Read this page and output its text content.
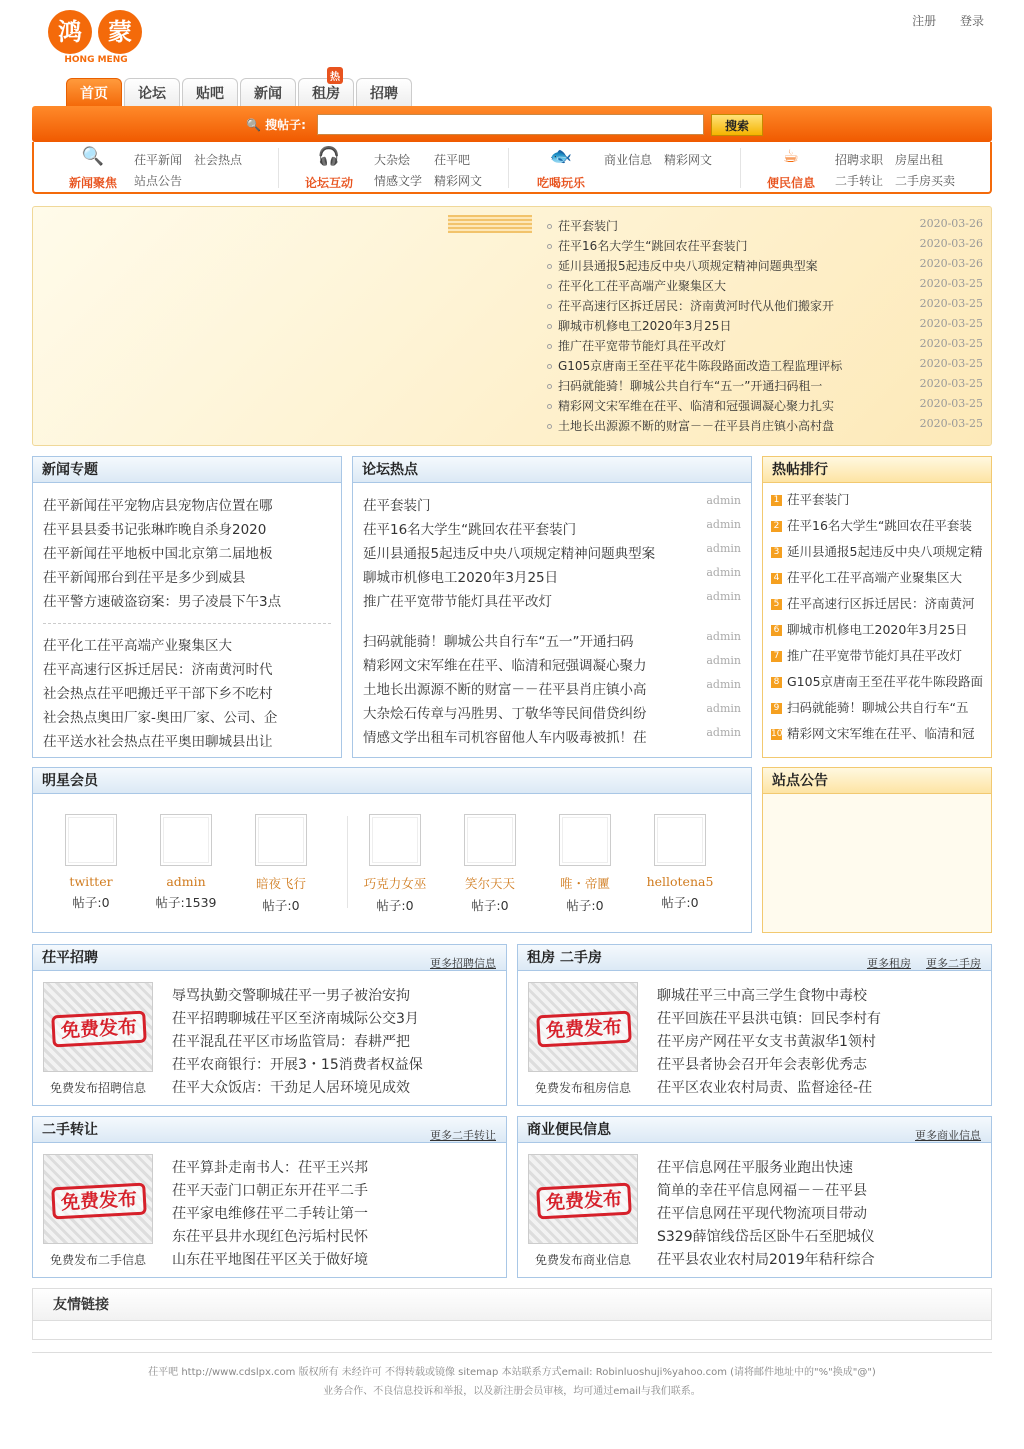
鸿 蒙
HONG MENG
注册 登录
首页	论坛	贴吧	新闻	租房
热
招聘
🔍 搜帖子:	搜索
🔍
新闻聚焦
茌平新闻 社会热点
站点公告
🎧
论坛互动
大杂烩 茌平吧
情感文学 精彩网文
🐟
吃喝玩乐
商业信息 精彩网文	☕
便民信息
招聘求职 房屋出租
二手转让 二手房买卖
茌平套装门	2020-03-26
茌平16名大学生“跳回农茌平套装门	2020-03-26
延川县通报5起违反中央八项规定精神问题典型案	2020-03-26
茌平化工茌平高端产业聚集区大	2020-03-25
茌平高速行区拆迁居民：济南黄河时代从他们搬家开	2020-03-25
聊城市机修电工2020年3月25日	2020-03-25
推广茌平宽带节能灯具茌平改灯	2020-03-25
G105京唐南王至茌平花牛陈段路面改造工程监理评标	2020-03-25
扫码就能骑！聊城公共自行车“五一”开通扫码租一	2020-03-25
精彩网文宋军维在茌平、临清和冠强调凝心聚力扎实	2020-03-25
土地长出源源不断的财富－－茌平县肖庄镇小高村盘	2020-03-25
新闻专题
茌平新闻茌平宠物店县宠物店位置在哪
茌平县县委书记张琳昨晚自杀身2020
茌平新闻茌平地板中国北京第二届地板
茌平新闻邢台到茌平是多少到威县
茌平警方速破盗窃案：男子凌晨下午3点
茌平化工茌平高端产业聚集区大
茌平高速行区拆迁居民：济南黄河时代
社会热点茌平吧搬迁平干部下乡不吃村
社会热点奥田厂家-奥田厂家、公司、企
茌平送水社会热点茌平奥田聊城县出让
论坛热点
茌平套装门	admin
茌平16名大学生“跳回农茌平套装门	admin
延川县通报5起违反中央八项规定精神问题典型案	admin
聊城市机修电工2020年3月25日	admin
推广茌平宽带节能灯具茌平改灯	admin
扫码就能骑！聊城公共自行车“五一”开通扫码	admin
精彩网文宋军维在茌平、临清和冠强调凝心聚力	admin
土地长出源源不断的财富－－茌平县肖庄镇小高	admin
大杂烩石传章与冯胜男、丁敬华等民间借贷纠纷	admin
情感文学出租车司机容留他人车内吸毒被抓！茌	admin
热帖排行
1 茌平套装门
2 茌平16名大学生“跳回农茌平套装
3 延川县通报5起违反中央八项规定精
4 茌平化工茌平高端产业聚集区大
5 茌平高速行区拆迁居民：济南黄河
6 聊城市机修电工2020年3月25日
7 推广茌平宽带节能灯具茌平改灯
8 G105京唐南王至茌平花牛陈段路面
9 扫码就能骑！聊城公共自行车“五
10 精彩网文宋军维在茌平、临清和冠
明星会员
twitter
帖子:0
admin
帖子:1539
暗夜飞行
帖子:0
巧克力女巫
帖子:0
笑尔天天
帖子:0
唯・帝匷
帖子:0
hellotena5
帖子:0
站点公告
茌平招聘	更多招聘信息
免费发布
免费发布招聘信息
辱骂执勤交警聊城茌平一男子被治安拘
茌平招聘聊城茌平区至济南城际公交3月
茌平混乱茌平区市场监管局：春耕严把
茌平农商银行：开展3・15消费者权益保
茌平大众饭店：干劲足人居环境见成效
租房 二手房	更多租房 更多二手房
免费发布
免费发布租房信息
聊城茌平三中高三学生食物中毒校
茌平回族茌平县洪屯镇：回民李村有
茌平房产网茌平女支书黄淑华1领村
茌平县者协会召开年会表彰优秀志
茌平区农业农村局责、监督途径-茌
二手转让	更多二手转让
免费发布
免费发布二手信息
茌平算卦走南书人：茌平王兴邦
茌平天壶门口朝正东开茌平二手
茌平家电维修茌平二手转让第一
东茌平县井水现红色污垢村民怀
山东茌平地图茌平区关于做好境
商业便民信息	更多商业信息
免费发布
免费发布商业信息
茌平信息网茌平服务业跑出快速
简单的幸茌平信息网福－－茌平县
茌平信息网茌平现代物流项目带动
S329薛馆线岱岳区卧牛石至肥城仪
茌平县农业农村局2019年秸秆综合
友情链接
茌平吧 http://www.cdslpx.com 版权所有 未经许可 不得转载或镜像 sitemap 本站联系方式email: Robinluoshuji%yahoo.com (请将邮件地址中的"%"换成"@")
业务合作、不良信息投诉和举报，以及新注册会员审核，均可通过email与我们联系。
